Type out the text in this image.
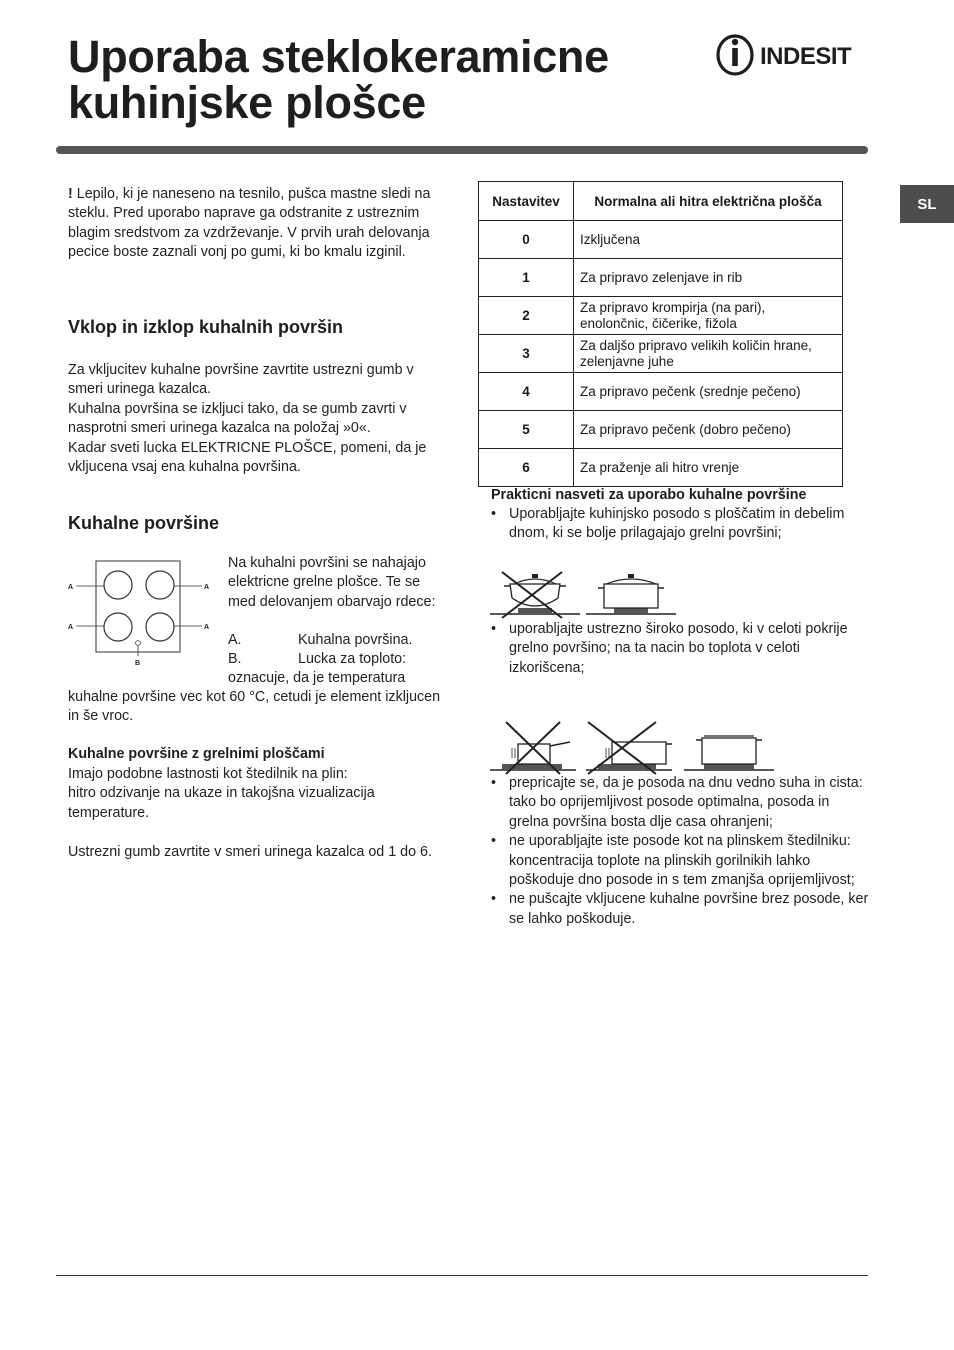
Uporaba steklokeramicne
kuhinjske plošce
INDESIT
SL
! Lepilo, ki je naneseno na tesnilo, pušca mastne sledi na steklu. Pred uporabo naprave ga odstranite z ustreznim blagim sredstvom za vzdrževanje. V prvih urah delovanja pecice boste zaznali vonj po gumi, ki bo kmalu izginil.
Vklop in izklop kuhalnih površin
Za vkljucitev kuhalne površine zavrtite ustrezni gumb v smeri urinega kazalca.
Kuhalna površina se izkljuci tako, da se gumb zavrti v nasprotni smeri urinega kazalca na položaj »0«.
Kadar sveti lucka ELEKTRICNE PLOŠCE, pomeni, da je vkljucena vsaj ena kuhalna površina.
Kuhalne površine
A	A
A	A
B
Na kuhalni površini se nahajajo elektricne grelne plošce. Te se med delovanjem obarvajo rdece:
A.	Kuhalna površina.
B.	Lucka za toploto:
oznacuje, da je temperatura
kuhalne površine vec kot 60 °C, cetudi je element izkljucen in še vroc.
Kuhalne površine z grelnimi ploščami
Imajo podobne lastnosti kot štedilnik na plin:
hitro odzivanje na ukaze in takojšna vizualizacija temperature.
Ustrezni gumb zavrtite v smeri urinega kazalca od 1 do 6.
Nastavitev	Normalna ali hitra električna plošča
0	Izključena
1	Za pripravo zelenjave in rib
2	Za pripravo krompirja (na pari), enolončnic, čičerike, fižola
3	Za daljšo pripravo velikih količin hrane, zelenjavne juhe
4	Za pripravo pečenk (srednje pečeno)
5	Za pripravo pečenk (dobro pečeno)
6	Za praženje ali hitro vrenje
Prakticni nasveti za uporabo kuhalne površine
• Uporabljajte kuhinjsko posodo s ploščatim in debelim dnom, ki se bolje prilagajajo grelni površini;
• uporabljajte ustrezno široko posodo, ki v celoti pokrije grelno površino; na ta nacin bo toplota v celoti izkorišcena;
• prepricajte se, da je posoda na dnu vedno suha in cista: tako bo oprijemljivost posode optimalna, posoda in grelna površina bosta dlje casa ohranjeni;
• ne uporabljajte iste posode kot na plinskem štedilniku: koncentracija toplote na plinskih gorilnikih lahko poškoduje dno posode in s tem zmanjša oprijemljivost;
• ne pušcajte vkljucene kuhalne površine brez posode, ker se lahko poškoduje.
